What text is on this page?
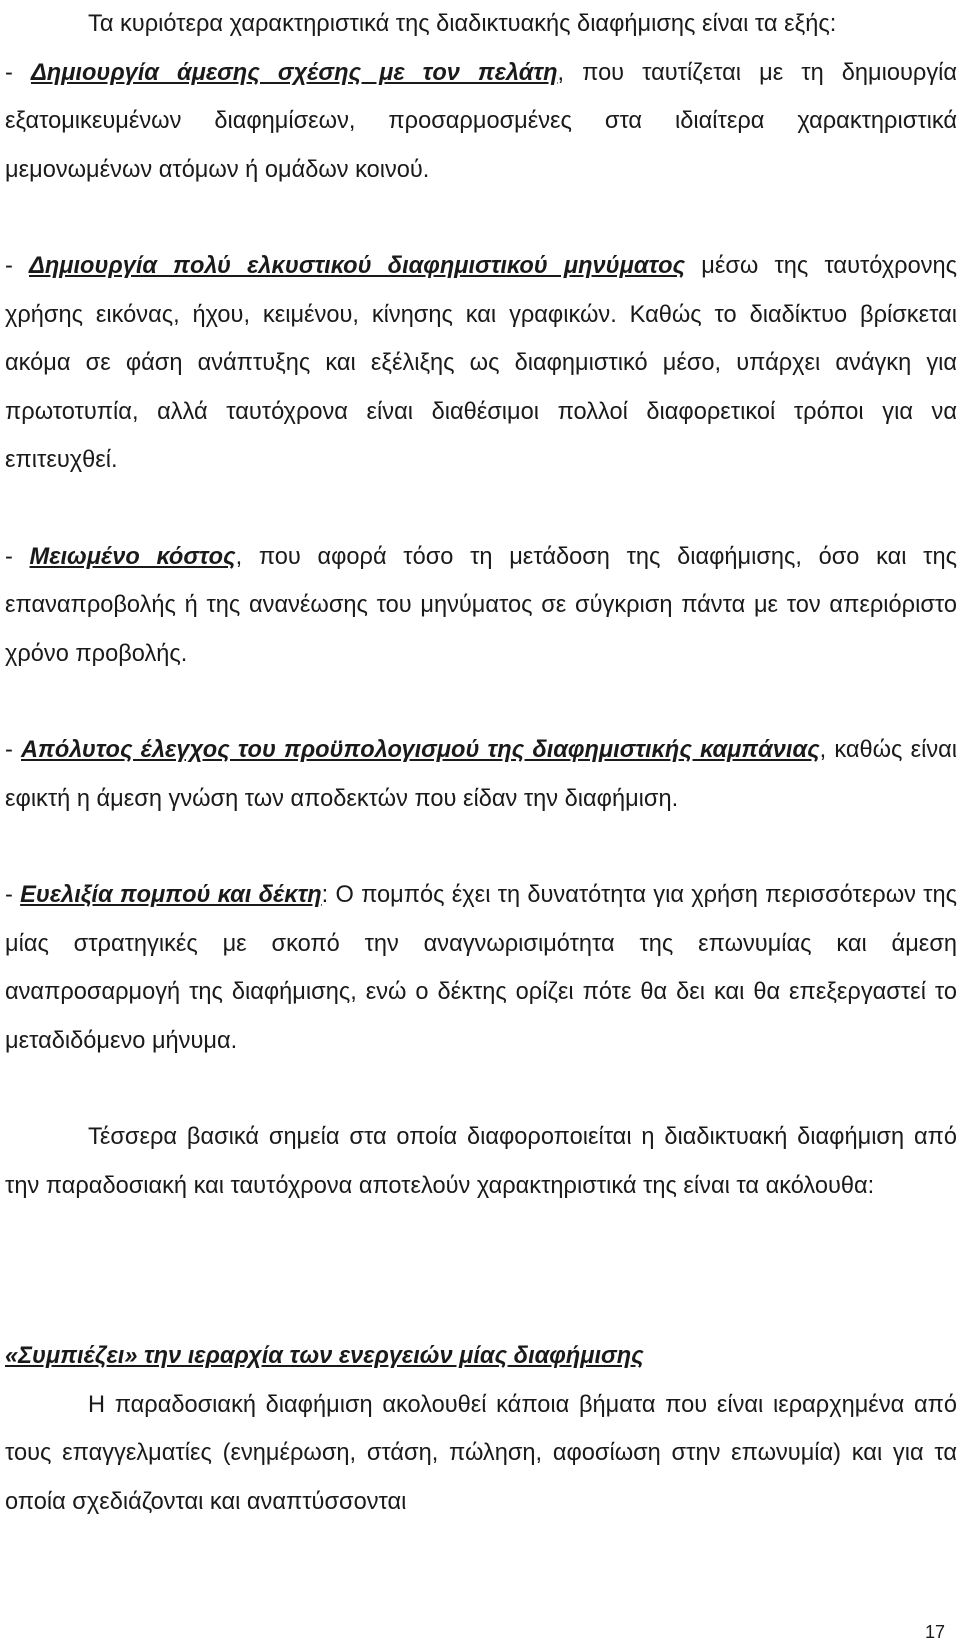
Τα κυριότερα χαρακτηριστικά της διαδικτυακής διαφήμισης είναι τα εξής:

- Δημιουργία άμεσης σχέσης με τον πελάτη, που ταυτίζεται με τη δημιουργία εξατομικευμένων διαφημίσεων, προσαρμοσμένες στα ιδιαίτερα χαρακτηριστικά μεμονωμένων ατόμων ή ομάδων κοινού.

- Δημιουργία πολύ ελκυστικού διαφημιστικού μηνύματος μέσω της ταυτόχρονης χρήσης εικόνας, ήχου, κειμένου, κίνησης και γραφικών. Καθώς το διαδίκτυο βρίσκεται ακόμα σε φάση ανάπτυξης και εξέλιξης ως διαφημιστικό μέσο, υπάρχει ανάγκη για πρωτοτυπία, αλλά ταυτόχρονα είναι διαθέσιμοι πολλοί διαφορετικοί τρόποι για να επιτευχθεί.

- Μειωμένο κόστος, που αφορά τόσο τη μετάδοση της διαφήμισης, όσο και της επαναπροβολής ή της ανανέωσης του μηνύματος σε σύγκριση πάντα με τον απεριόριστο χρόνο προβολής.

- Απόλυτος έλεγχος του προϋπολογισμού της διαφημιστικής καμπάνιας, καθώς είναι εφικτή η άμεση γνώση των αποδεκτών που είδαν την διαφήμιση.

- Ευελιξία πομπού και δέκτη: Ο πομπός έχει τη δυνατότητα για χρήση περισσότερων της μίας στρατηγικές με σκοπό την αναγνωρισιμότητα της επωνυμίας και άμεση αναπροσαρμογή της διαφήμισης, ενώ ο δέκτης ορίζει πότε θα δει και θα επεξεργαστεί το μεταδιδόμενο μήνυμα.

Τέσσερα βασικά σημεία στα οποία διαφοροποιείται η διαδικτυακή διαφήμιση από την παραδοσιακή και ταυτόχρονα αποτελούν χαρακτηριστικά της είναι τα ακόλουθα:

«Συμπιέζει» την ιεραρχία των ενεργειών μίας διαφήμισης

Η παραδοσιακή διαφήμιση ακολουθεί κάποια βήματα που είναι ιεραρχημένα από τους επαγγελματίες (ενημέρωση, στάση, πώληση, αφοσίωση στην επωνυμία) και για τα οποία σχεδιάζονται και αναπτύσσονται

17
